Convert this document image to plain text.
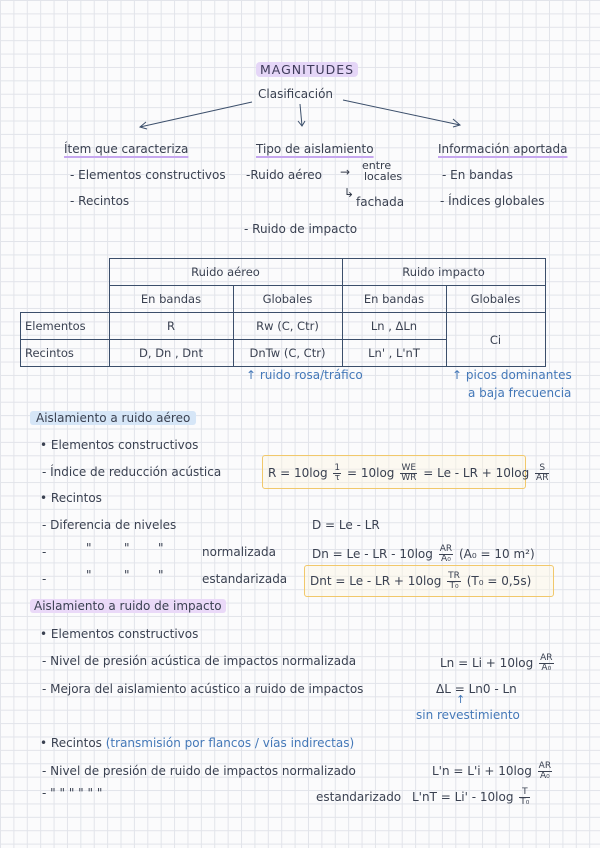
MAGNITUDES
Clasificación
Ítem que caracteriza
- Elementos constructivos
- Recintos
Tipo de aislamiento
-Ruido aéreo → entre
locales
↳
fachada
- Ruido de impacto
Información aportada
- En bandas
- Índices globales
	Ruido aéreo		Ruido impacto	
	En bandas	Globales	En bandas	Globales
Elementos	R	Rw (C, Ctr)	Ln , ΔLn	Ci
Recintos	D, Dn , Dnt	DnTw (C, Ctr)	Ln' , L'nT	
↑ ruido rosa/tráfico	↑ picos dominantes
a baja frecuencia
Aislamiento a ruido aéreo
• Elementos constructivos
- Índice de reducción acústica	$R = 10\log \frac{1}{\tau} = 10\log \frac{WE}{WR} = Le$ - LR + $10\log \frac{S}{AR}$
• Recintos
- Diferencia de niveles	D = Le - LR
-	"	" "	normalizada	Dn = Le - LR - $10\log \frac{AR}{\text{A₀}} (A_0 = 10$ m²)
-	"	" "	estandarizada Dnt = Le - LR + $10\log \frac{TR}{\text{T₀}} (T_0 = 0,5s)$
Aislamiento a ruido de impacto
• Elementos constructivos
- Nivel de presión acústica de impactos normalizada	$Ln = Li + 10\log \frac{AR}{\text{A₀}}$
- Mejora del aislamiento acústico a ruido de impactos	ΔL = Ln0 - Ln
↑
sin revestimiento
• Recintos (transmisión por flancos / vías indirectas)
- Nivel de presión de ruido de impactos normalizado	$L'n = L'i + 10\log \frac{AR}{\text{A₀}}$
- " " " " " "	estandarizado $L'nT = Li' - 10\log \frac{T}{\text{T₀}}$
